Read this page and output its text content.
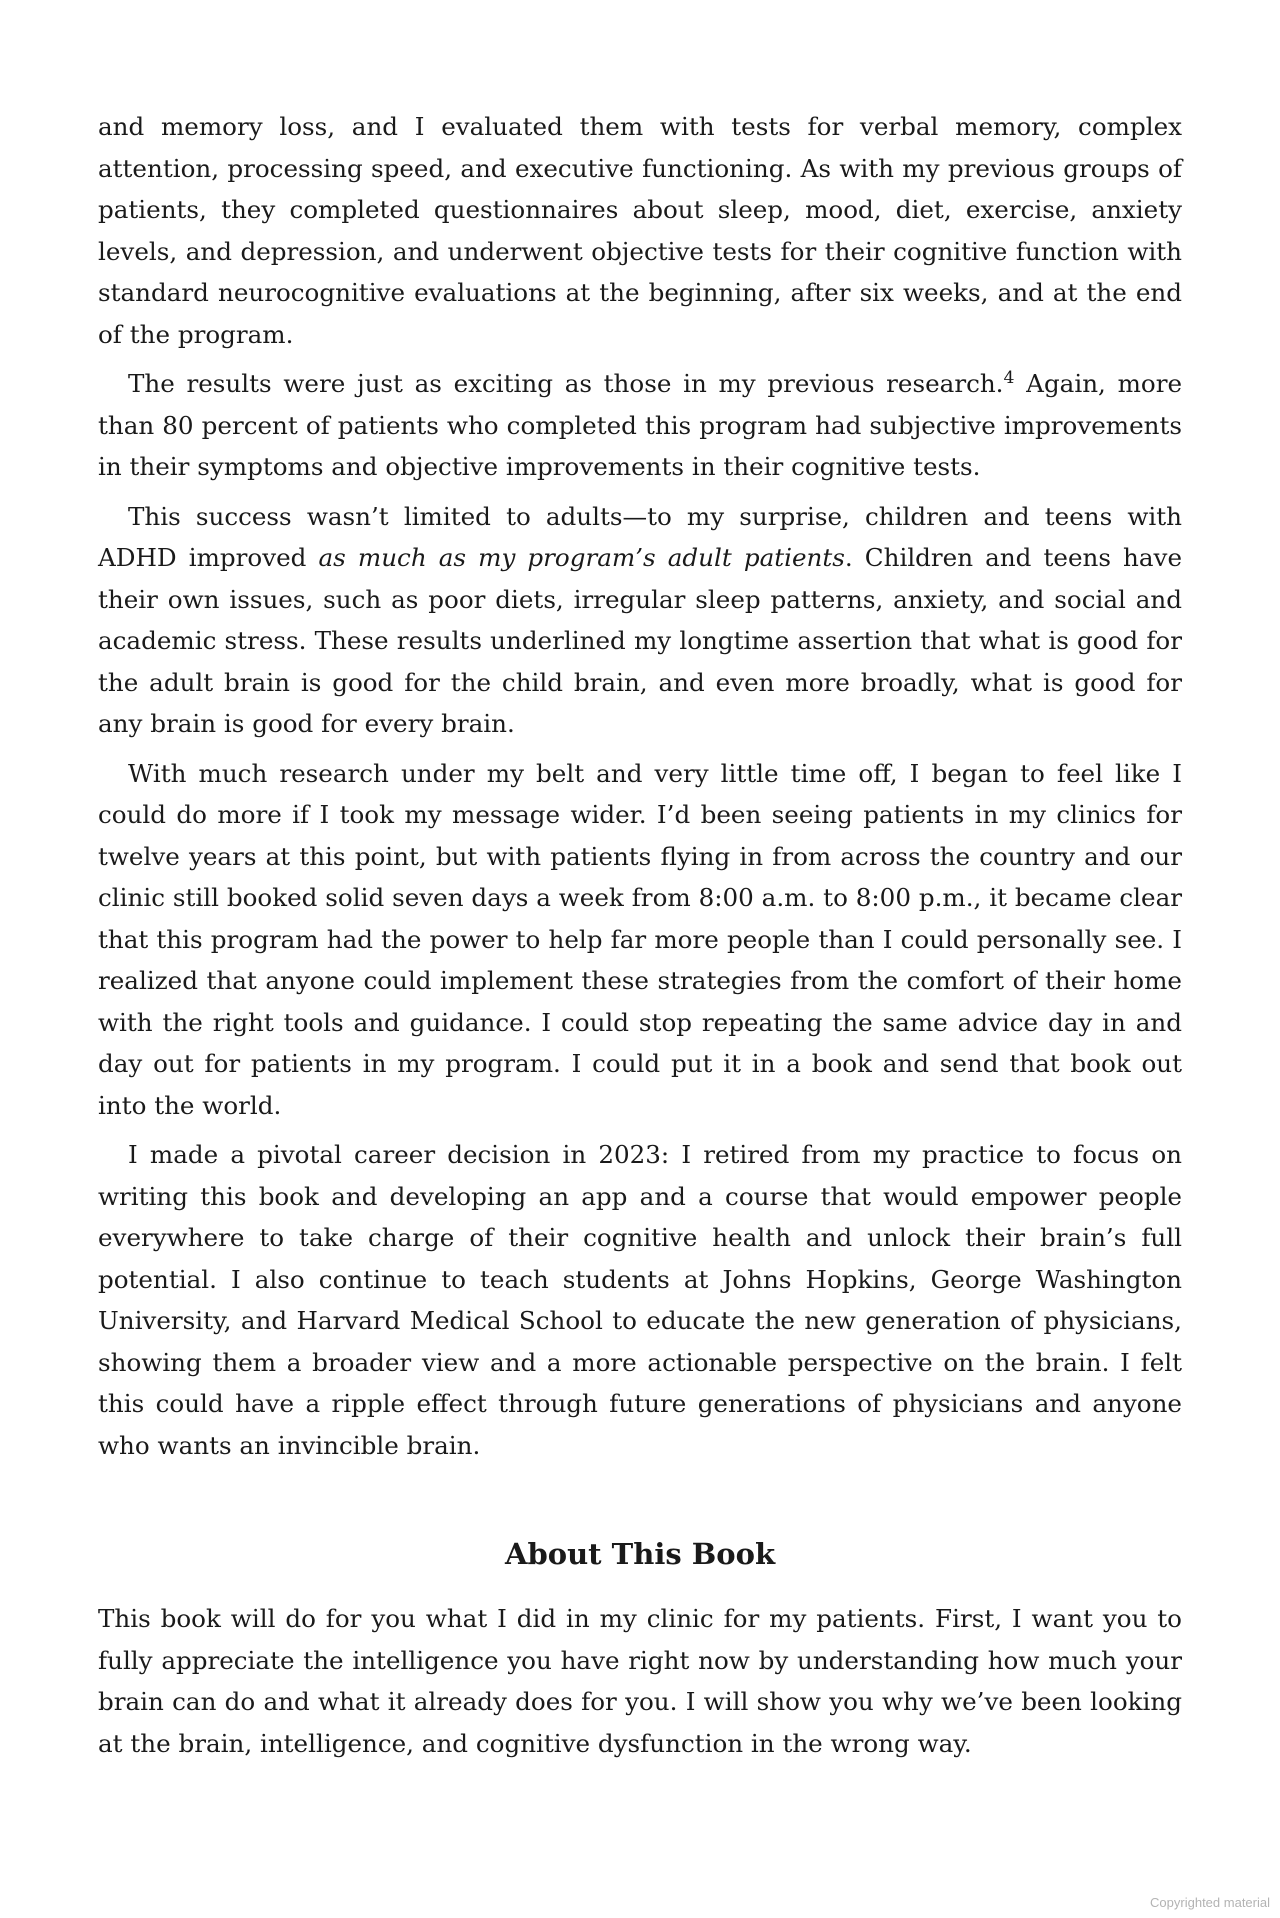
and memory loss, and I evaluated them with tests for verbal memory, complex attention, processing speed, and executive functioning. As with my previous groups of patients, they completed questionnaires about sleep, mood, diet, exercise, anxiety levels, and depression, and underwent objective tests for their cognitive function with standard neurocognitive evaluations at the beginning, after six weeks, and at the end of the program.

The results were just as exciting as those in my previous research.$^4$ Again, more than 80 percent of patients who completed this program had subjective improvements in their symptoms and objective improvements in their cognitive tests.

This success wasn’t limited to adults—to my surprise, children and teens with ADHD improved as much as my program’s adult patients. Children and teens have their own issues, such as poor diets, irregular sleep patterns, anxiety, and social and academic stress. These results underlined my longtime assertion that what is good for the adult brain is good for the child brain, and even more broadly, what is good for any brain is good for every brain.

With much research under my belt and very little time off, I began to feel like I could do more if I took my message wider. I’d been seeing patients in my clinics for twelve years at this point, but with patients flying in from across the country and our clinic still booked solid seven days a week from 8:00 a.m. to 8:00 p.m., it became clear that this program had the power to help far more people than I could personally see. I realized that anyone could implement these strategies from the comfort of their home with the right tools and guidance. I could stop repeating the same advice day in and day out for patients in my program. I could put it in a book and send that book out into the world.

I made a pivotal career decision in 2023: I retired from my practice to focus on writing this book and developing an app and a course that would empower people everywhere to take charge of their cognitive health and unlock their brain’s full potential. I also continue to teach students at Johns Hopkins, George Washington University, and Harvard Medical School to educate the new generation of physicians, showing them a broader view and a more actionable perspective on the brain. I felt this could have a ripple effect through future generations of physicians and anyone who wants an invincible brain.

About This Book

This book will do for you what I did in my clinic for my patients. First, I want you to fully appreciate the intelligence you have right now by understanding how much your brain can do and what it already does for you. I will show you why we’ve been looking at the brain, intelligence, and cognitive dysfunction in the wrong way.

Copyrighted material
